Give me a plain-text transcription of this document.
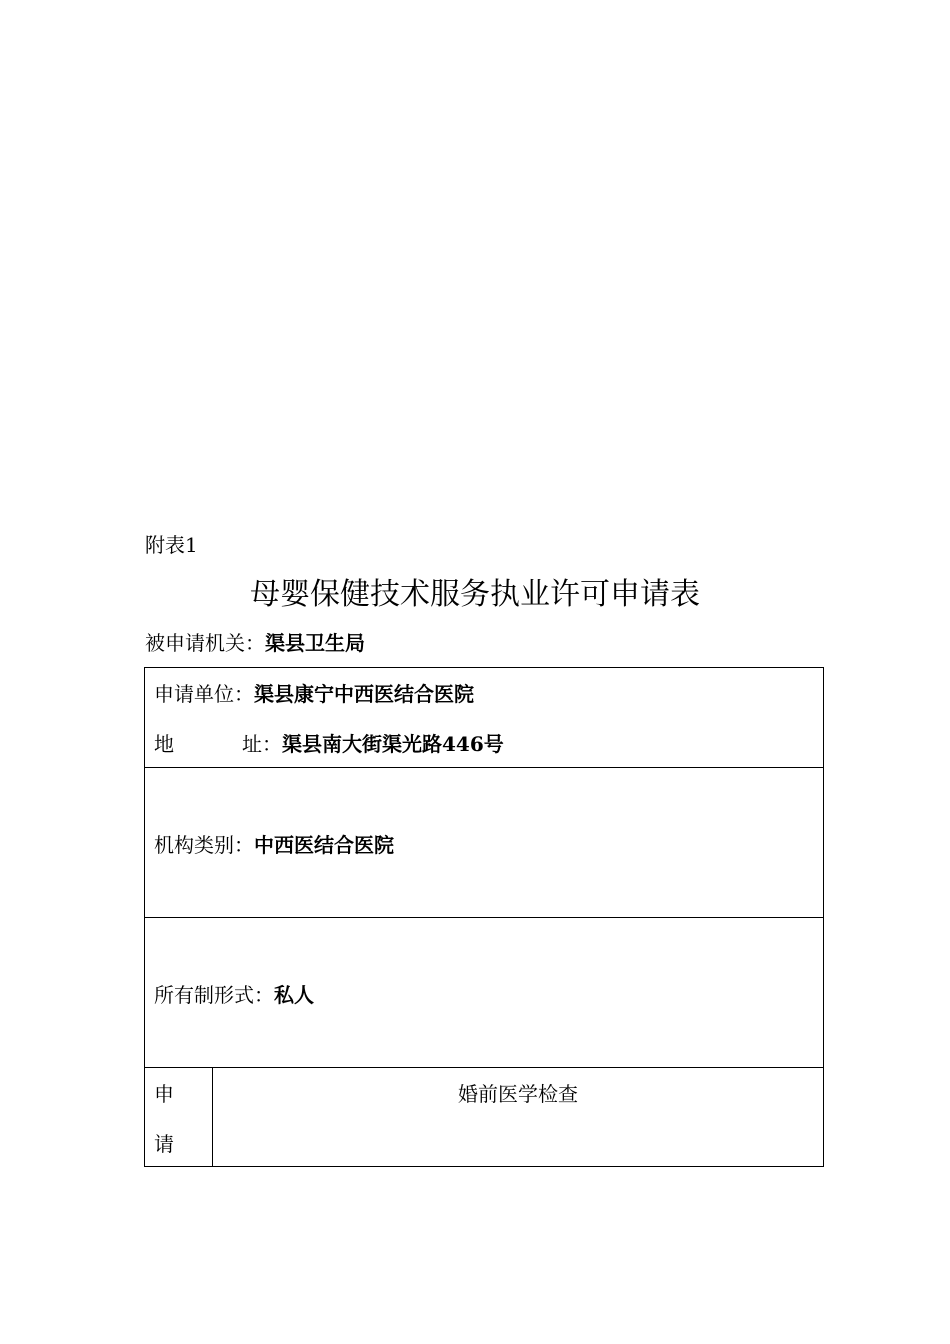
附表1
母婴保健技术服务执业许可申请表
被申请机关：渠县卫生局
申请单位：渠县康宁中西医结合医院
地 址：渠县南大街渠光路446号
机构类别：中西医结合医院
所有制形式：私人
申
请
婚前医学检查
